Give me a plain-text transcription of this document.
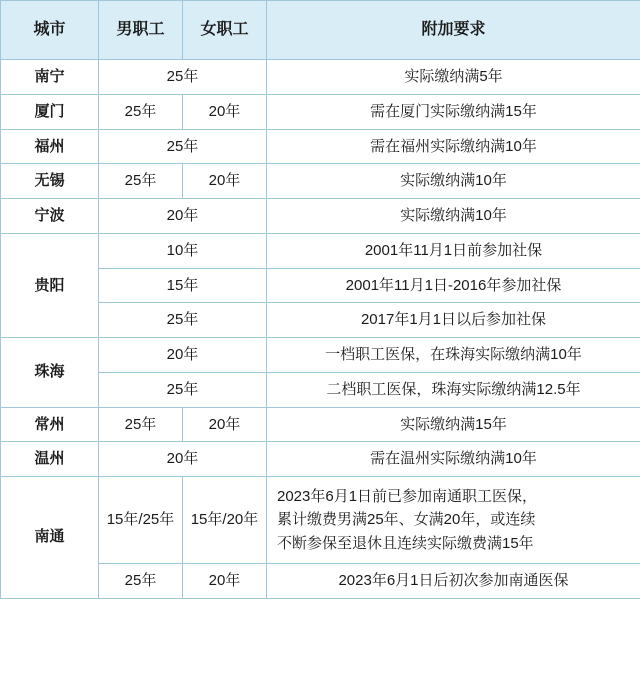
城市	男职工	女职工	附加要求
南宁	25年		实际缴纳满5年
厦门	25年	20年	需在厦门实际缴纳满15年
福州	25年		需在福州实际缴纳满10年
无锡	25年	20年	实际缴纳满10年
宁波	20年		实际缴纳满10年
贵阳	10年		2001年11月1日前参加社保
	15年		2001年11月1日-2016年参加社保
	25年		2017年1月1日以后参加社保
珠海	20年		一档职工医保，在珠海实际缴纳满10年
	25年		二档职工医保，珠海实际缴纳满12.5年
常州	25年	20年	实际缴纳满15年
温州	20年		需在温州实际缴纳满10年
南通	15年/25年	15年/20年	2023年6月1日前已参加南通职工医保，
累计缴费男满25年、女满20年，或连续
不断参保至退休且连续实际缴费满15年
	25年	20年	2023年6月1日后初次参加南通医保
